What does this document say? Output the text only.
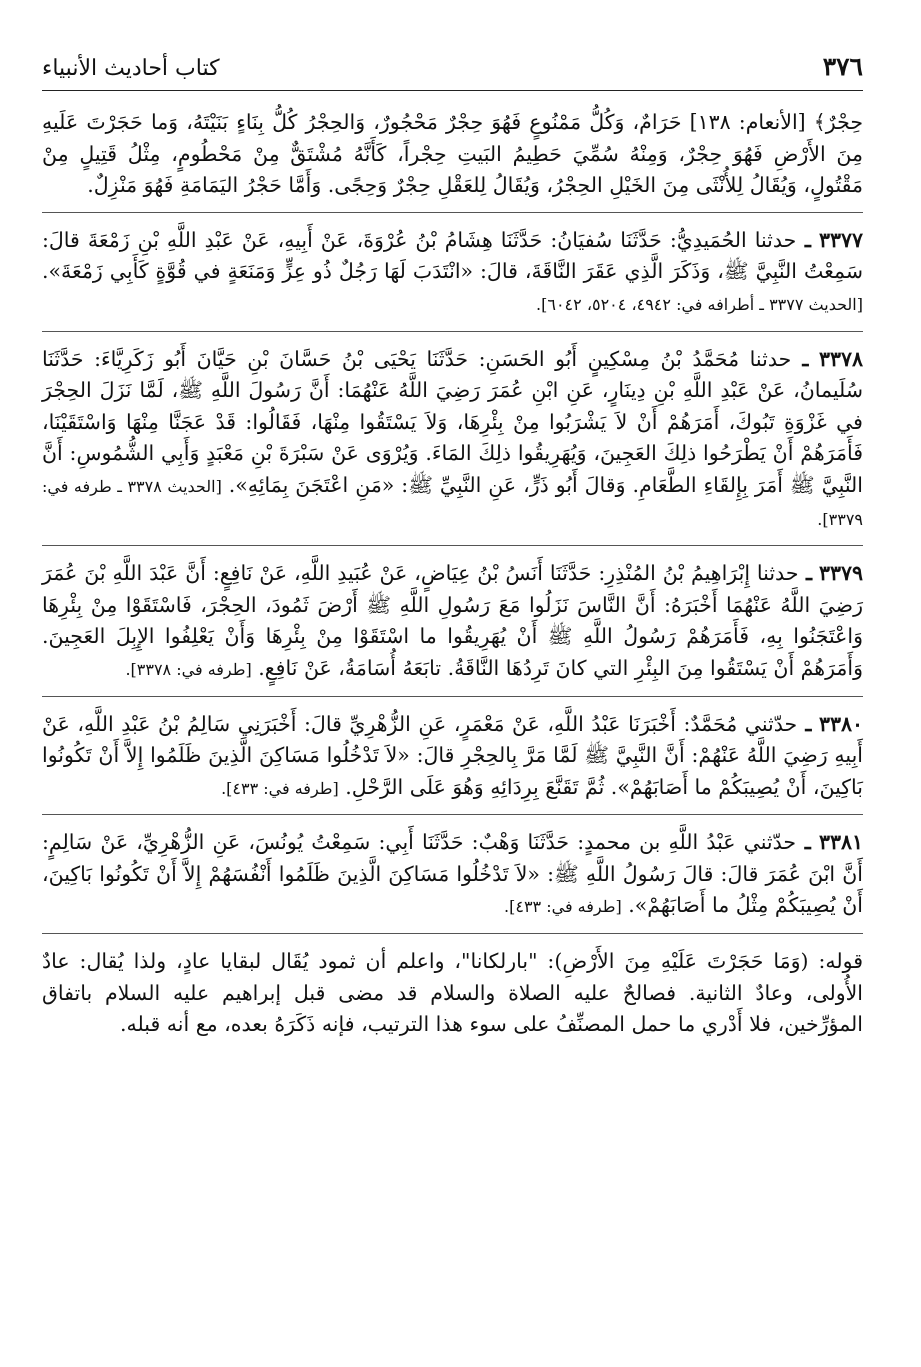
٣٧٦
كتاب أحاديث الأنبياء

حِجْرٌ﴾ [الأنعام: ١٣٨] حَرَامٌ، وَكُلُّ مَمْنُوعٍ فَهُوَ حِجْرٌ مَحْجُورٌ، وَالحِجْرُ كُلُّ بِنَاءٍ بَنَيْتَهُ، وَما حَجَرْتَ عَلَيهِ مِنَ الأَرْضِ فَهُوَ حِجْرٌ، وَمِنْهُ سُمِّيَ حَطِيمُ البَيتِ حِجْراً، كَأَنَّهُ مُشْتَقٌّ مِنْ مَحْطُومٍ، مِثْلُ قَتِيلٍ مِنْ مَقْتُولٍ، وَيُقَالُ لِلأُنْثَى مِنَ الخَيْلِ الحِجْرُ، وَيُقَالُ لِلعَقْلِ حِجْرٌ وَحِجًى. وَأَمَّا حَجْرُ اليَمَامَةِ فَهُوَ مَنْزِلٌ.

٣٣٧٧ ـ حدثنا الحُمَيدِيُّ: حَدَّثَنَا سُفيَانُ: حَدَّثَنَا هِشَامُ بْنُ عُرْوَةَ، عَنْ أَبِيهِ، عَنْ عَبْدِ اللَّهِ بْنِ زَمْعَةَ قالَ: سَمِعْتُ النَّبِيَّ ﷺ، وَذَكَرَ الَّذِي عَقَرَ النَّاقَةَ، قالَ: «انْتَدَبَ لَهَا رَجُلٌ ذُو عِزٍّ وَمَنَعَةٍ في قُوَّةٍ كَأَبِي زَمْعَةَ». [الحديث ٣٣٧٧ ـ أطرافه في: ٤٩٤٢، ٥٢٠٤، ٦٠٤٢].

٣٣٧٨ ـ حدثنا مُحَمَّدُ بْنُ مِسْكِينٍ أَبُو الحَسَنِ: حَدَّثَنَا يَحْيَى بْنُ حَسَّانَ بْنِ حَيَّانَ أَبُو زَكَرِيَّاءَ: حَدَّثَنَا سُلَيمانُ، عَنْ عَبْدِ اللَّهِ بْنِ دِينَارٍ، عَنِ ابْنِ عُمَرَ رَضِيَ اللَّهُ عَنْهُمَا: أَنَّ رَسُولَ اللَّهِ ﷺ، لَمَّا نَزَلَ الحِجْرَ في غَزْوَةِ تَبُوكَ، أَمَرَهُمْ أَنْ لاَ يَشْرَبُوا مِنْ بِئْرِهَا، وَلاَ يَسْتَقُوا مِنْهَا، فَقَالُوا: قَدْ عَجَنَّا مِنْهَا وَاسْتَقَيْنَا، فَأَمَرَهُمْ أَنْ يَطْرَحُوا ذلِكَ العَجِينَ، وَيُهَرِيقُوا ذلِكَ المَاءَ. وَيُرْوَى عَنْ سَبْرَةَ بْنِ مَعْبَدٍ وَأَبِي الشُّمُوسِ: أَنَّ النَّبِيَّ ﷺ أَمَرَ بِإِلقَاءِ الطَّعَامِ. وَقالَ أَبُو ذَرٍّ، عَنِ النَّبِيِّ ﷺ: «مَنِ اعْتَجَنَ بِمَائِهِ». [الحديث ٣٣٧٨ ـ طرفه في: ٣٣٧٩].

٣٣٧٩ ـ حدثنا إِبْرَاهِيمُ بْنُ المُنْذِرِ: حَدَّثَنَا أَنَسُ بْنُ عِيَاضٍ، عَنْ عُبَيدِ اللَّهِ، عَنْ نَافِعٍ: أَنَّ عَبْدَ اللَّهِ بْنَ عُمَرَ رَضِيَ اللَّهُ عَنْهُمَا أَخْبَرَهُ: أَنَّ النَّاسَ نَزَلُوا مَعَ رَسُولِ اللَّهِ ﷺ أَرْضَ ثَمُودَ، الحِجْرَ، فَاسْتَقَوْا مِنْ بِئْرِهَا وَاعْتَجَنُوا بِهِ، فَأَمَرَهُمْ رَسُولُ اللَّهِ ﷺ أَنْ يُهَرِيقُوا ما اسْتَقَوْا مِنْ بِئْرِهَا وَأَنْ يَعْلِفُوا الإِبِلَ العَجِينَ. وَأَمَرَهُمْ أَنْ يَسْتَقُوا مِنَ البِئْرِ التي كانَ تَرِدُهَا النَّاقَةُ. تابَعَهُ أُسَامَةُ، عَنْ نَافِعٍ. [طرفه في: ٣٣٧٨].

٣٣٨٠ ـ حدّثني مُحَمَّدٌ: أَخْبَرَنَا عَبْدُ اللَّهِ، عَنْ مَعْمَرٍ، عَنِ الزُّهْرِيِّ قالَ: أَخْبَرَنِي سَالِمُ بْنُ عَبْدِ اللَّهِ، عَنْ أَبِيهِ رَضِيَ اللَّهُ عَنْهُمْ: أَنَّ النَّبِيَّ ﷺ لَمَّا مَرَّ بِالحِجْرِ قالَ: «لاَ تَدْخُلُوا مَسَاكِنَ الَّذِينَ ظَلَمُوا إِلاَّ أَنْ تَكُونُوا بَاكِينَ، أَنْ يُصِيبَكُمْ ما أَصَابَهُمْ». ثُمَّ تَقَنَّعَ بِرِدَائِهِ وَهُوَ عَلَى الرَّحْلِ. [طرفه في: ٤٣٣].

٣٣٨١ ـ حدّثني عَبْدُ اللَّهِ بن محمدٍ: حَدَّثَنَا وَهْبٌ: حَدَّثَنَا أَبِي: سَمِعْتُ يُونُسَ، عَنِ الزُّهْرِيِّ، عَنْ سَالِمٍ: أَنَّ ابْنَ عُمَرَ قالَ: قالَ رَسُولُ اللَّهِ ﷺ: «لاَ تَدْخُلُوا مَسَاكِنَ الَّذِينَ ظَلَمُوا أَنْفُسَهُمْ إِلاَّ أَنْ تَكُونُوا بَاكِينَ، أَنْ يُصِيبَكُمْ مِثْلُ ما أَصَابَهُمْ». [طرفه في: ٤٣٣].

قوله: (وَمَا حَجَرْتَ عَلَيْهِ مِنَ الأَرْضِ): "بارلكانا"، واعلم أن ثمود يُقَال لبقايا عادٍ، ولذا يُقال: عادٌ الأُولى، وعادٌ الثانية. فصالحٌ عليه الصلاة والسلام قد مضى قبل إبراهيم عليه السلام باتفاق المؤرِّخين، فلا أَدْري ما حمل المصنِّفُ على سوء هذا الترتيب، فإنه ذَكَرَهُ بعده، مع أنه قبله.
